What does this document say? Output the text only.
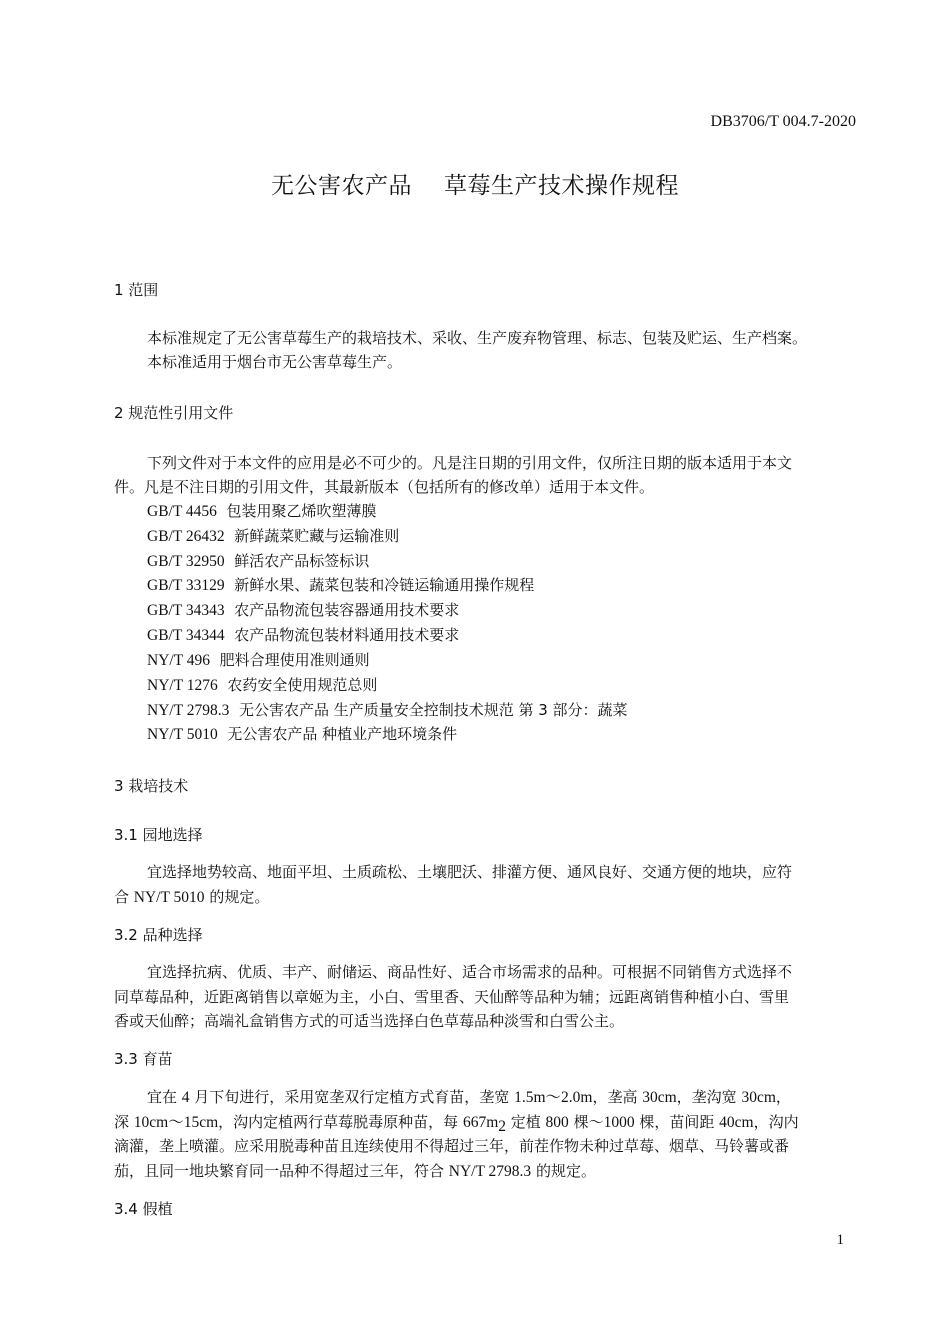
DB3706/T 004.7-2020
无公害农产品 草莓生产技术操作规程
1 范围
本标准规定了无公害草莓生产的栽培技术、采收、生产废弃物管理、标志、包装及贮运、生产档案。
本标准适用于烟台市无公害草莓生产。
2 规范性引用文件
下列文件对于本文件的应用是必不可少的。凡是注日期的引用文件，仅所注日期的版本适用于本文
件。凡是不注日期的引用文件，其最新版本（包括所有的修改单）适用于本文件。
GB/T 4456 包装用聚乙烯吹塑薄膜
GB/T 26432 新鲜蔬菜贮藏与运输准则
GB/T 32950 鲜活农产品标签标识
GB/T 33129 新鲜水果、蔬菜包装和冷链运输通用操作规程
GB/T 34343 农产品物流包装容器通用技术要求
GB/T 34344 农产品物流包装材料通用技术要求
NY/T 496 肥料合理使用准则通则
NY/T 1276 农药安全使用规范总则
NY/T 2798.3 无公害农产品 生产质量安全控制技术规范 第 3 部分：蔬菜
NY/T 5010 无公害农产品 种植业产地环境条件
3 栽培技术
3.1 园地选择
宜选择地势较高、地面平坦、土质疏松、土壤肥沃、排灌方便、通风良好、交通方便的地块，应符
合 NY/T 5010 的规定。
3.2 品种选择
宜选择抗病、优质、丰产、耐储运、商品性好、适合市场需求的品种。可根据不同销售方式选择不
同草莓品种，近距离销售以章姬为主，小白、雪里香、天仙醉等品种为辅；远距离销售种植小白、雪里
香或天仙醉；高端礼盒销售方式的可适当选择白色草莓品种淡雪和白雪公主。
3.3 育苗
宜在 4 月下旬进行，采用宽垄双行定植方式育苗，垄宽 1.5m～2.0m，垄高 30cm，垄沟宽 30cm，
深 10cm～15cm，沟内定植两行草莓脱毒原种苗，每 $667m_2$ 定植 800 棵～1000 棵，苗间距 40cm，沟内
滴灌，垄上喷灌。应采用脱毒种苗且连续使用不得超过三年，前茬作物未种过草莓、烟草、马铃薯或番
茄，且同一地块繁育同一品种不得超过三年，符合 NY/T 2798.3 的规定。
3.4 假植
1
